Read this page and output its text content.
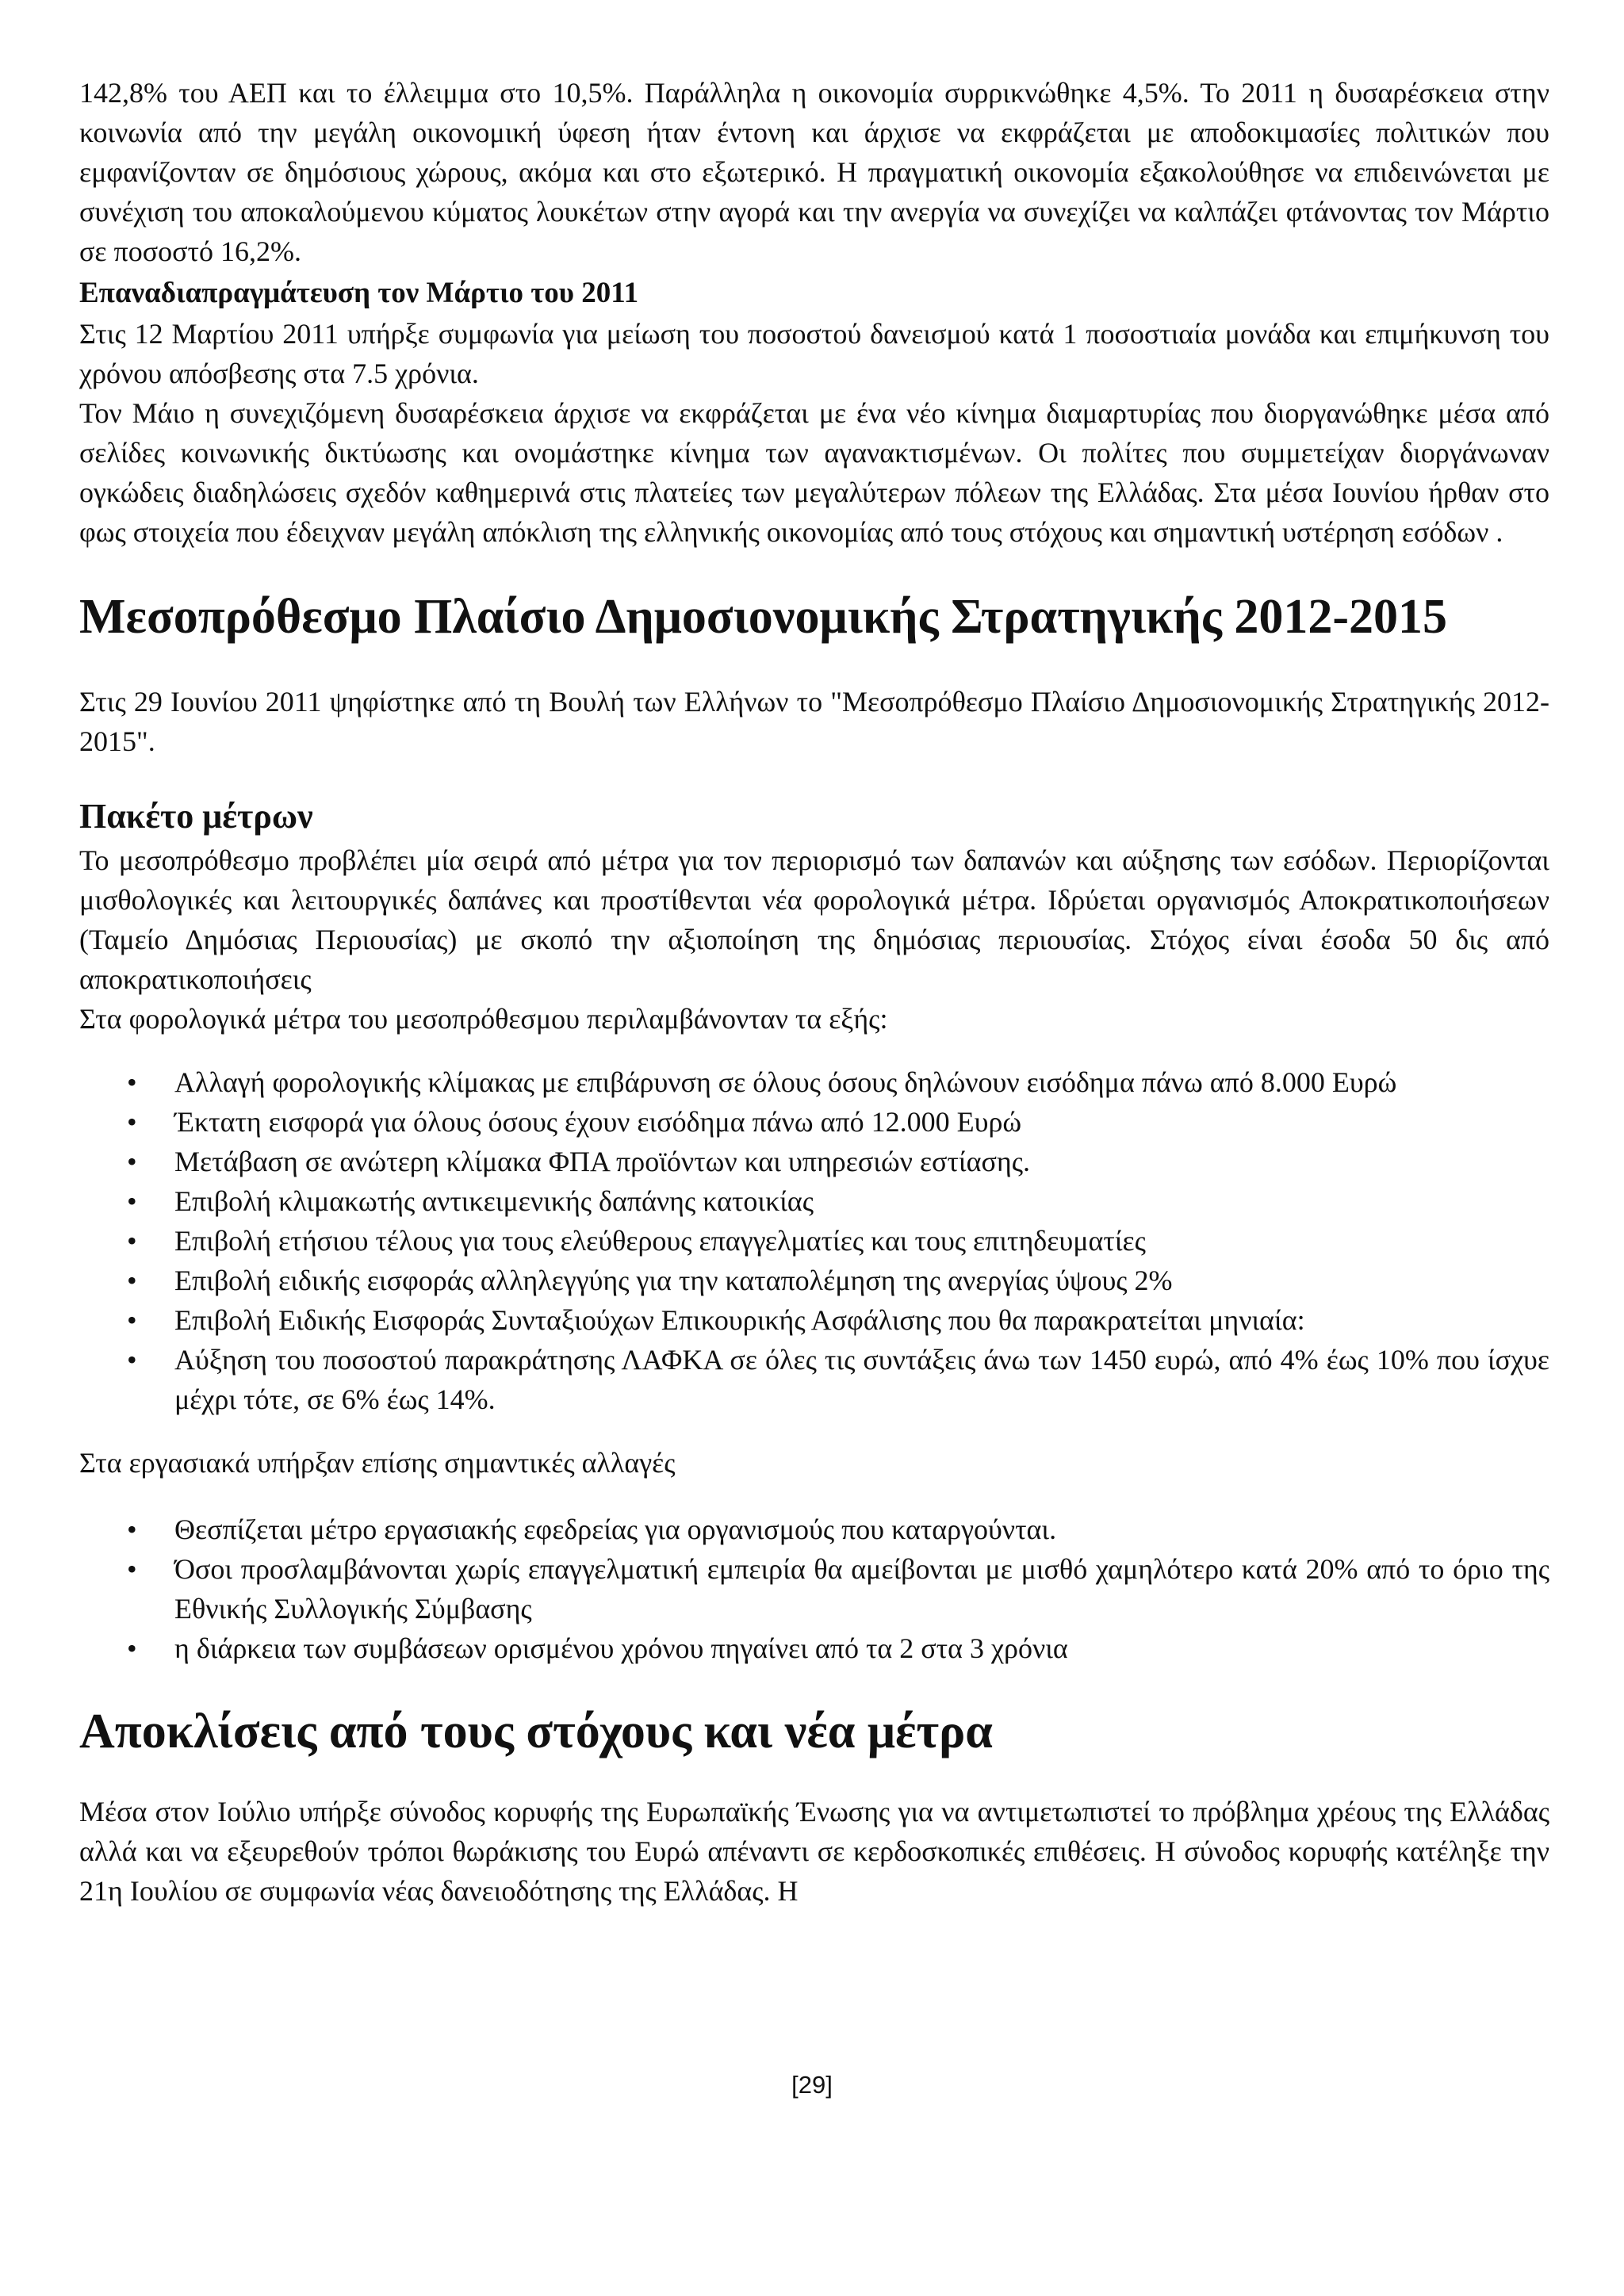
142,8% του ΑΕΠ και το έλλειμμα στο 10,5%. Παράλληλα η οικονομία συρρικνώθηκε 4,5%. Το 2011 η δυσαρέσκεια στην κοινωνία από την μεγάλη οικονομική ύφεση ήταν έντονη και άρχισε να εκφράζεται με αποδοκιμασίες πολιτικών που εμφανίζονταν σε δημόσιους χώρους, ακόμα και στο εξωτερικό. Η πραγματική οικονομία εξακολούθησε να επιδεινώνεται με συνέχιση του αποκαλούμενου κύματος λουκέτων στην αγορά και την ανεργία να συνεχίζει να καλπάζει φτάνοντας τον Μάρτιο σε ποσοστό 16,2%.

Επαναδιαπραγμάτευση τον Μάρτιο του 2011

Στις 12 Μαρτίου 2011 υπήρξε συμφωνία για μείωση του ποσοστού δανεισμού κατά 1 ποσοστιαία μονάδα και επιμήκυνση του χρόνου απόσβεσης στα 7.5 χρόνια.

Τον Μάιο η συνεχιζόμενη δυσαρέσκεια άρχισε να εκφράζεται με ένα νέο κίνημα διαμαρτυρίας που διοργανώθηκε μέσα από σελίδες κοινωνικής δικτύωσης και ονομάστηκε κίνημα των αγανακτισμένων. Οι πολίτες που συμμετείχαν διοργάνωναν ογκώδεις διαδηλώσεις σχεδόν καθημερινά στις πλατείες των μεγαλύτερων πόλεων της Ελλάδας. Στα μέσα Ιουνίου ήρθαν στο φως στοιχεία που έδειχναν μεγάλη απόκλιση της ελληνικής οικονομίας από τους στόχους και σημαντική υστέρηση εσόδων .

Μεσοπρόθεσμο Πλαίσιο Δημοσιονομικής Στρατηγικής 2012-2015

Στις 29 Ιουνίου 2011 ψηφίστηκε από τη Βουλή των Ελλήνων το "Μεσοπρόθεσμο Πλαίσιο Δημοσιονομικής Στρατηγικής 2012-2015".

Πακέτο μέτρων

Το μεσοπρόθεσμο προβλέπει μία σειρά από μέτρα για τον περιορισμό των δαπανών και αύξησης των εσόδων. Περιορίζονται μισθολογικές και λειτουργικές δαπάνες και προστίθενται νέα φορολογικά μέτρα. Ιδρύεται οργανισμός Αποκρατικοποιήσεων (Ταμείο Δημόσιας Περιουσίας) με σκοπό την αξιοποίηση της δημόσιας περιουσίας. Στόχος είναι έσοδα 50 δις από αποκρατικοποιήσεις

Στα φορολογικά μέτρα του μεσοπρόθεσμου περιλαμβάνονταν τα εξής:

• Αλλαγή φορολογικής κλίμακας με επιβάρυνση σε όλους όσους δηλώνουν εισόδημα πάνω από 8.000 Ευρώ
• Έκτατη εισφορά για όλους όσους έχουν εισόδημα πάνω από 12.000 Ευρώ
• Μετάβαση σε ανώτερη κλίμακα ΦΠΑ προϊόντων και υπηρεσιών εστίασης.
• Επιβολή κλιμακωτής αντικειμενικής δαπάνης κατοικίας
• Επιβολή ετήσιου τέλους για τους ελεύθερους επαγγελματίες και τους επιτηδευματίες
• Επιβολή ειδικής εισφοράς αλληλεγγύης για την καταπολέμηση της ανεργίας ύψους 2%
• Επιβολή Ειδικής Εισφοράς Συνταξιούχων Επικουρικής Ασφάλισης που θα παρακρατείται μηνιαία:
• Αύξηση του ποσοστού παρακράτησης ΛΑΦΚΑ σε όλες τις συντάξεις άνω των 1450 ευρώ, από 4% έως 10% που ίσχυε μέχρι τότε, σε 6% έως 14%.

Στα εργασιακά υπήρξαν επίσης σημαντικές αλλαγές

• Θεσπίζεται μέτρο εργασιακής εφεδρείας για οργανισμούς που καταργούνται.
• Όσοι προσλαμβάνονται χωρίς επαγγελματική εμπειρία θα αμείβονται με μισθό χαμηλότερο κατά 20% από το όριο της Εθνικής Συλλογικής Σύμβασης
• η διάρκεια των συμβάσεων ορισμένου χρόνου πηγαίνει από τα 2 στα 3 χρόνια
Αποκλίσεις από τους στόχους και νέα μέτρα

Μέσα στον Ιούλιο υπήρξε σύνοδος κορυφής της Ευρωπαϊκής Ένωσης για να αντιμετωπιστεί το πρόβλημα χρέους της Ελλάδας αλλά και να εξευρεθούν τρόποι θωράκισης του Ευρώ απέναντι σε κερδοσκοπικές επιθέσεις. Η σύνοδος κορυφής κατέληξε την 21η Ιουλίου σε συμφωνία νέας δανειοδότησης της Ελλάδας. Η

[29]
